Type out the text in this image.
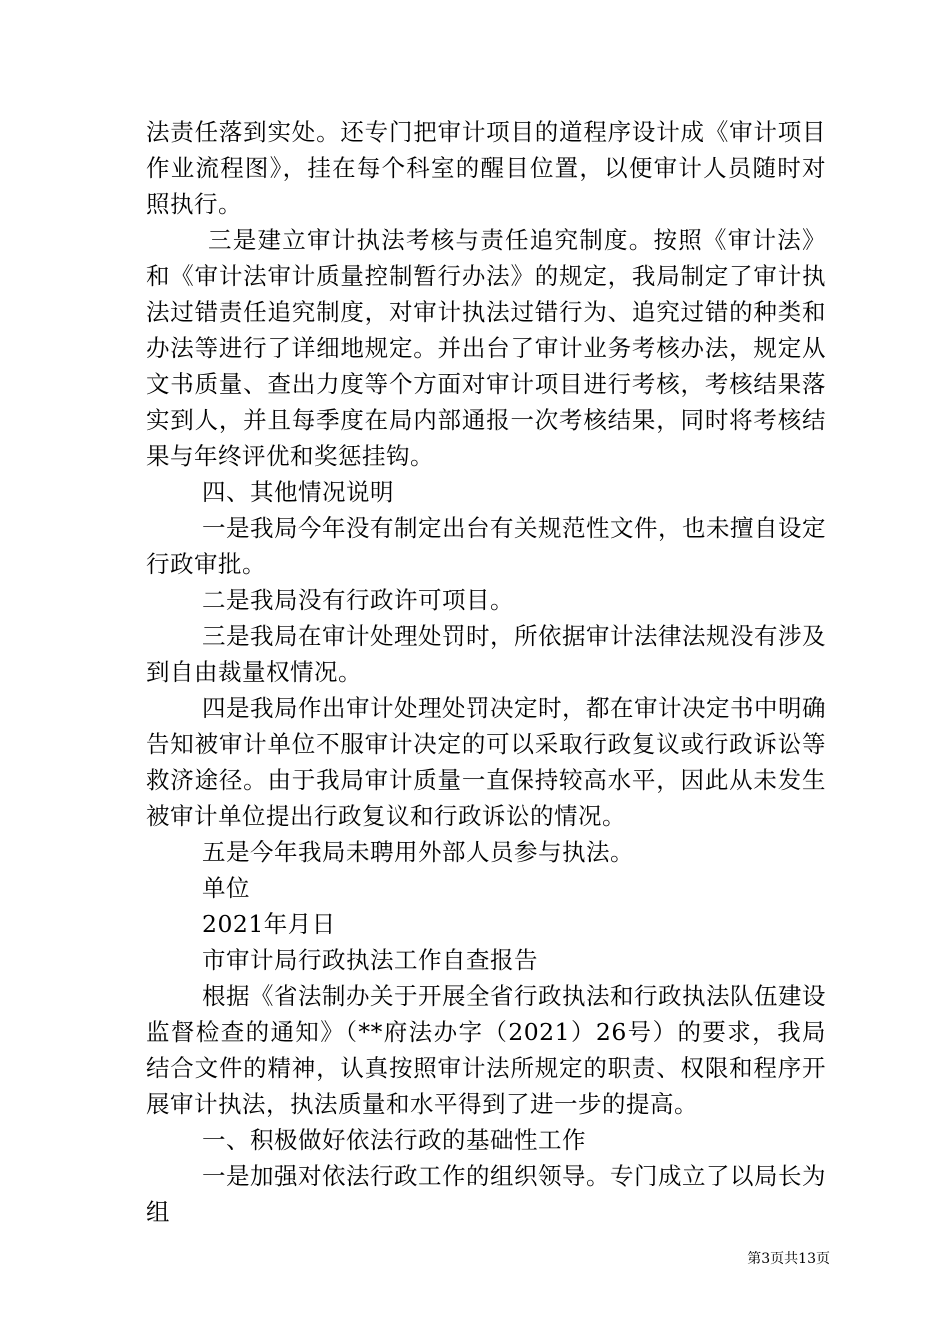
法责任落到实处。还专门把审计项目的道程序设计成《审计项目作业流程图》，挂在每个科室的醒目位置，以便审计人员随时对照执行。

三是建立审计执法考核与责任追究制度。按照《审计法》和《审计法审计质量控制暂行办法》的规定，我局制定了审计执法过错责任追究制度，对审计执法过错行为、追究过错的种类和办法等进行了详细地规定。并出台了审计业务考核办法，规定从文书质量、查出力度等个方面对审计项目进行考核，考核结果落实到人，并且每季度在局内部通报一次考核结果，同时将考核结果与年终评优和奖惩挂钩。

四、其他情况说明

一是我局今年没有制定出台有关规范性文件，也未擅自设定行政审批。

二是我局没有行政许可项目。

三是我局在审计处理处罚时，所依据审计法律法规没有涉及到自由裁量权情况。

四是我局作出审计处理处罚决定时，都在审计决定书中明确告知被审计单位不服审计决定的可以采取行政复议或行政诉讼等救济途径。由于我局审计质量一直保持较高水平，因此从未发生被审计单位提出行政复议和行政诉讼的情况。

五是今年我局未聘用外部人员参与执法。

单位

2021年月日

市审计局行政执法工作自查报告

根据《省法制办关于开展全省行政执法和行政执法队伍建设监督检查的通知》（**府法办字（2021）26号）的要求，我局结合文件的精神，认真按照审计法所规定的职责、权限和程序开展审计执法，执法质量和水平得到了进一步的提高。

一、积极做好依法行政的基础性工作

一是加强对依法行政工作的组织领导。专门成立了以局长为组

第3页共13页
